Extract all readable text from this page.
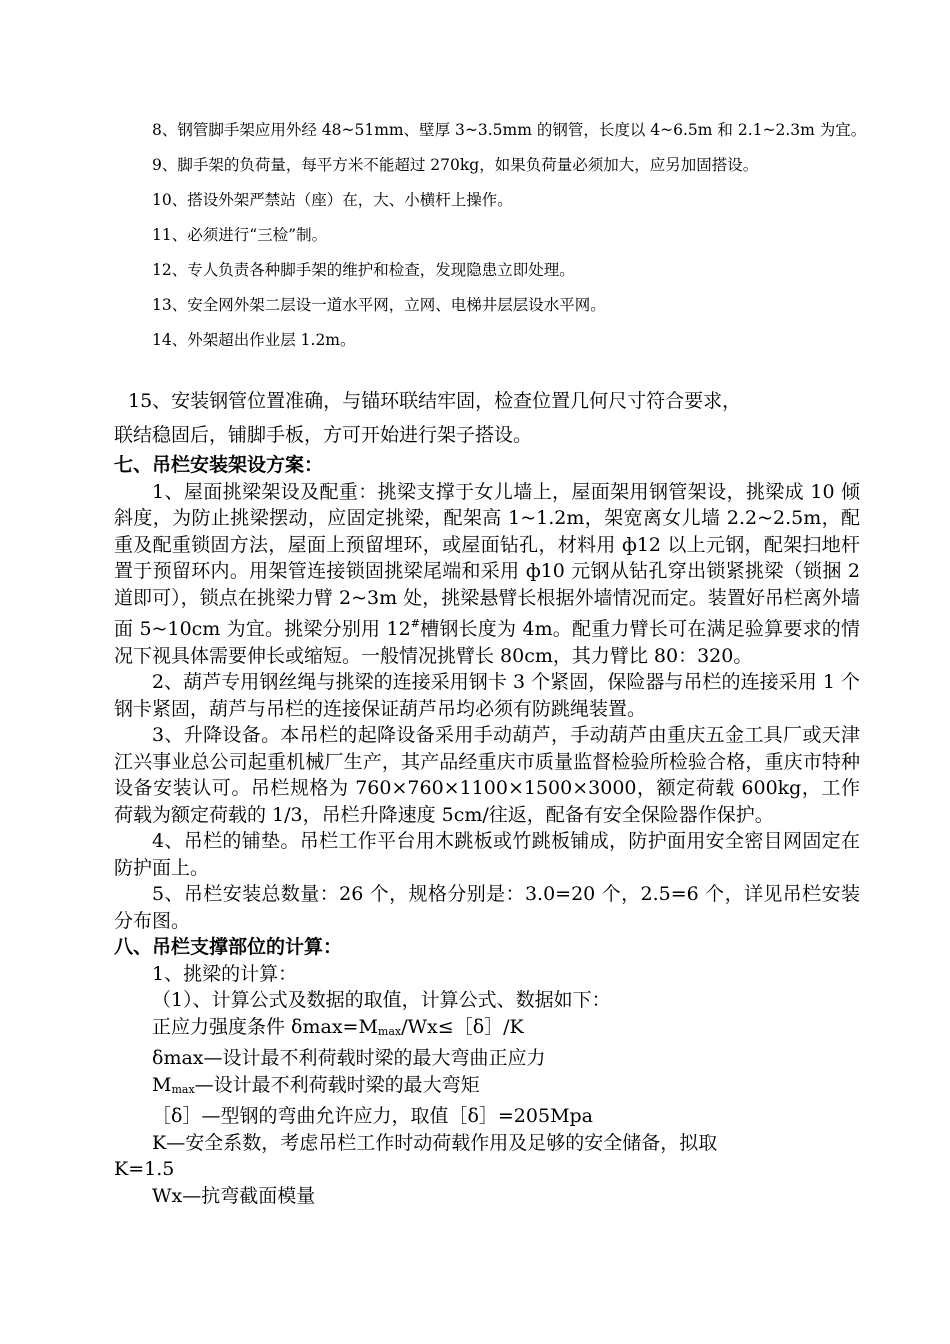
8、钢管脚手架应用外经 48~51mm、壁厚 3~3.5mm 的钢管，长度以 4~6.5m 和 2.1~2.3m 为宜。
9、脚手架的负荷量，每平方米不能超过 270kg，如果负荷量必须加大，应另加固搭设。
10、搭设外架严禁站（座）在，大、小横杆上操作。
11、必须进行“三检”制。
12、专人负责各种脚手架的维护和检查，发现隐患立即处理。
13、安全网外架二层设一道水平网，立网、电梯井层层设水平网。
14、外架超出作业层 1.2m。

15、安装钢管位置准确，与锚环联结牢固，检查位置几何尺寸符合要求，

联结稳固后，铺脚手板，方可开始进行架子搭设。

七、吊栏安装架设方案：

1、屋面挑梁架设及配重：挑梁支撑于女儿墙上，屋面架用钢管架设，挑梁成 10 倾斜度，为防止挑梁摆动，应固定挑梁，配架高 1~1.2m，架宽离女儿墙 2.2~2.5m，配重及配重锁固方法，屋面上预留埋环，或屋面钻孔，材料用 ф12 以上元钢，配架扫地杆置于预留环内。用架管连接锁固挑梁尾端和采用 ф10 元钢从钻孔穿出锁紧挑梁（锁捆 2 道即可），锁点在挑梁力臂 2~3m 处，挑梁悬臂长根据外墙情况而定。装置好吊栏离外墙面 5~10cm 为宜。挑梁分别用 12#槽钢长度为 4m。配重力臂长可在满足验算要求的情况下视具体需要伸长或缩短。一般情况挑臂长 80cm，其力臂比 80：320。

2、葫芦专用钢丝绳与挑梁的连接采用钢卡 3 个紧固，保险器与吊栏的连接采用 1 个钢卡紧固，葫芦与吊栏的连接保证葫芦吊均必须有防跳绳装置。

3、升降设备。本吊栏的起降设备采用手动葫芦，手动葫芦由重庆五金工具厂或天津江兴事业总公司起重机械厂生产，其产品经重庆市质量监督检验所检验合格，重庆市特种设备安装认可。吊栏规格为 760×760×1100×1500×3000，额定荷载 600kg，工作荷载为额定荷载的 1/3，吊栏升降速度 5cm/往返，配备有安全保险器作保护。

4、吊栏的铺垫。吊栏工作平台用木跳板或竹跳板铺成，防护面用安全密目网固定在防护面上。

5、吊栏安装总数量：26 个，规格分别是：3.0=20 个，2.5=6 个，详见吊栏安装分布图。

八、吊栏支撑部位的计算：

1、挑梁的计算：

（1）、计算公式及数据的取值，计算公式、数据如下：

正应力强度条件 δmax=Mmax/Wx≤［δ］/K

δmax—设计最不利荷载时梁的最大弯曲正应力

Mmax—设计最不利荷载时梁的最大弯矩

［δ］—型钢的弯曲允许应力，取值［δ］=205Mpa

K—安全系数，考虑吊栏工作时动荷载作用及足够的安全储备，拟取

K=1.5

Wx—抗弯截面模量
